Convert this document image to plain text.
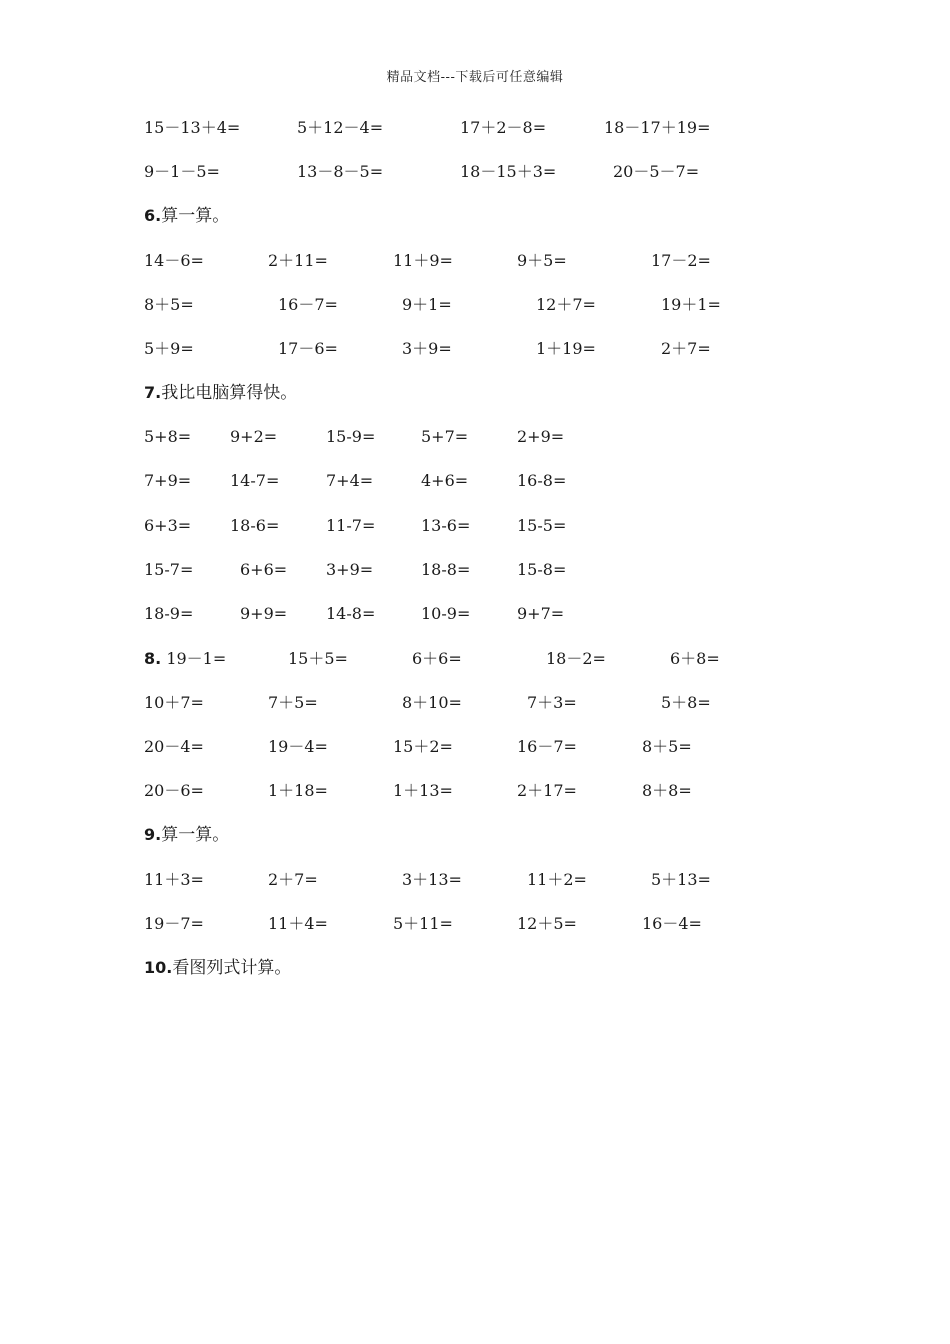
精品文档---下载后可任意编辑
15－13＋4=	5＋12－4=	17＋2－8=	18－17＋19=
9－1－5=	13－8－5=	18－15＋3=	20－5－7=
6.算一算。
14－6=	2＋11=	11＋9=	9＋5=	17－2=
8＋5=	16－7=	9＋1=	12＋7=	19＋1=
5＋9=	17－6=	3＋9=	1＋19=	2＋7=
7.我比电脑算得快。
5+8= 9+2=	15-9=	5+7=	2+9=
7+9= 14-7=	7+4=	4+6=	16-8=
6+3= 18-6=	11-7=	13-6=	15-5=
15-7=	6+6= 3+9=	18-8=	15-8=
18-9=	9+9= 14-8=	10-9=	9+7=
8. 19－1=	15＋5=	6＋6=	18－2=	6＋8=
10＋7=	7＋5=	8＋10=	7＋3=	5＋8=
20－4=	19－4=	15＋2=	16－7=	8＋5=
20－6=	1＋18=	1＋13=	2＋17=	8＋8=
9.算一算。
11＋3=	2＋7=	3＋13=	11＋2=	5＋13=
19－7=	11＋4=	5＋11=	12＋5=	16－4=
10.看图列式计算。
